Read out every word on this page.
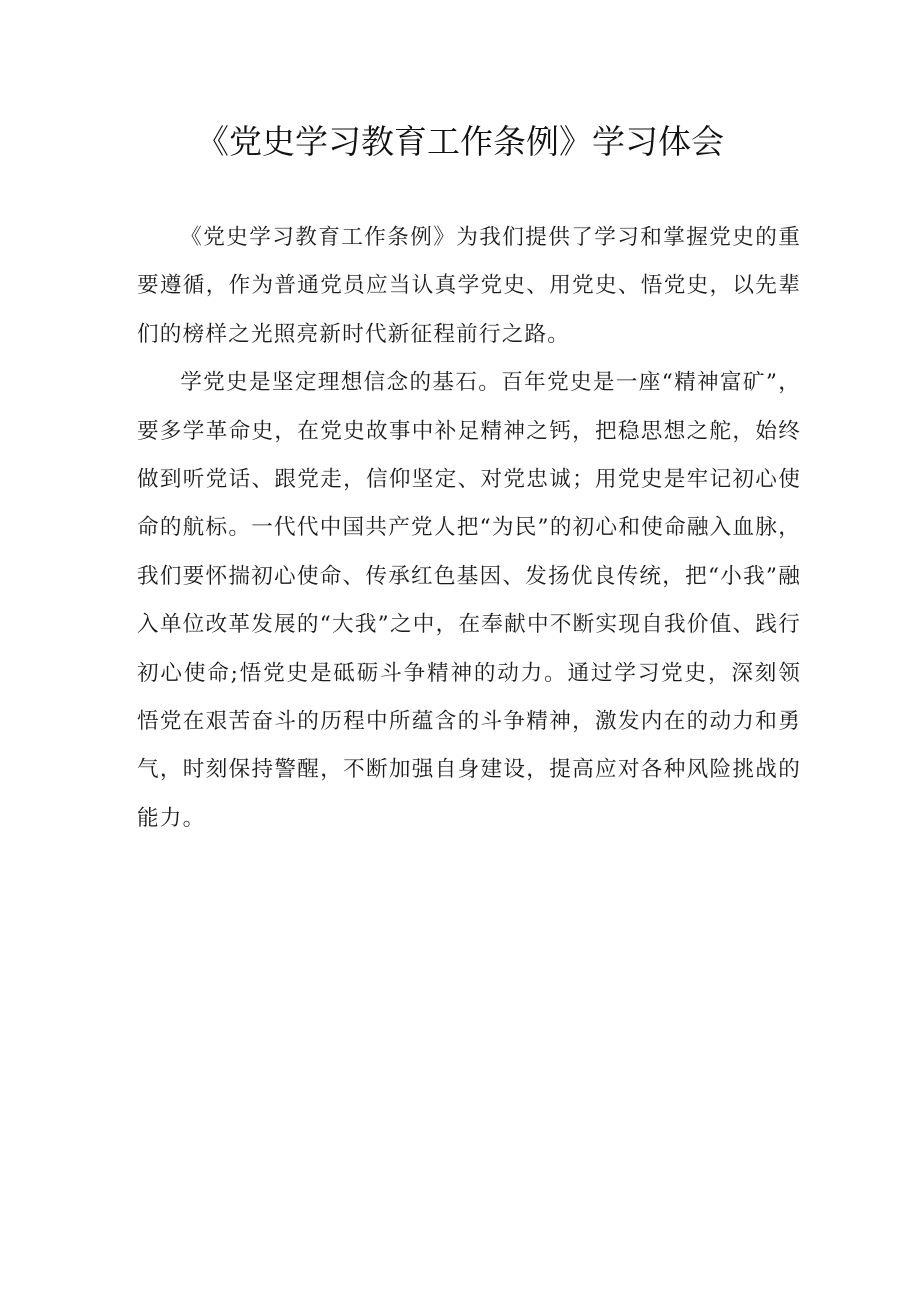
《党史学习教育工作条例》学习体会

《党史学习教育工作条例》为我们提供了学习和掌握党史的重要遵循，作为普通党员应当认真学党史、用党史、悟党史，以先辈们的榜样之光照亮新时代新征程前行之路。

学党史是坚定理想信念的基石。百年党史是一座“精神富矿”，要多学革命史，在党史故事中补足精神之钙，把稳思想之舵，始终做到听党话、跟党走，信仰坚定、对党忠诚；用党史是牢记初心使命的航标。一代代中国共产党人把“为民”的初心和使命融入血脉，我们要怀揣初心使命、传承红色基因、发扬优良传统，把“小我”融入单位改革发展的“大我”之中，在奉献中不断实现自我价值、践行初心使命;悟党史是砥砺斗争精神的动力。通过学习党史，深刻领悟党在艰苦奋斗的历程中所蕴含的斗争精神，激发内在的动力和勇气，时刻保持警醒，不断加强自身建设，提高应对各种风险挑战的能力。
